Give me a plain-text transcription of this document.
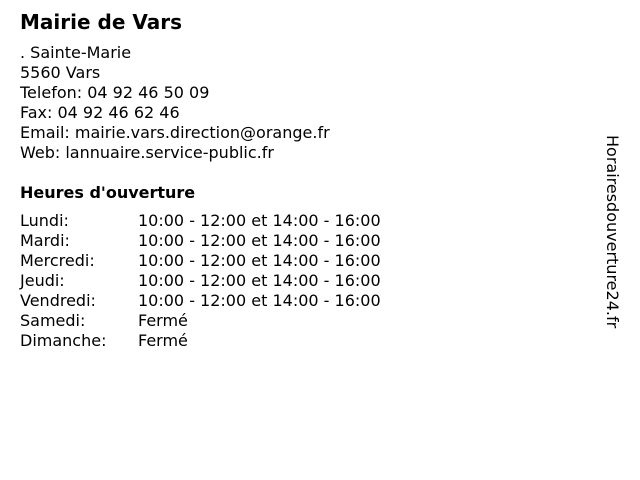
Mairie de Vars
. Sainte-Marie
5560 Vars
Telefon: 04 92 46 50 09
Fax: 04 92 46 62 46
Email: mairie.vars.direction@orange.fr
Web: lannuaire.service-public.fr
Heures d'ouverture
Lundi:	10:00 - 12:00 et 14:00 - 16:00
Mardi:	10:00 - 12:00 et 14:00 - 16:00
Mercredi:	10:00 - 12:00 et 14:00 - 16:00
Jeudi:	10:00 - 12:00 et 14:00 - 16:00
Vendredi:	10:00 - 12:00 et 14:00 - 16:00
Samedi:	Fermé
Dimanche:	Fermé
Horairesdouverture24.fr
